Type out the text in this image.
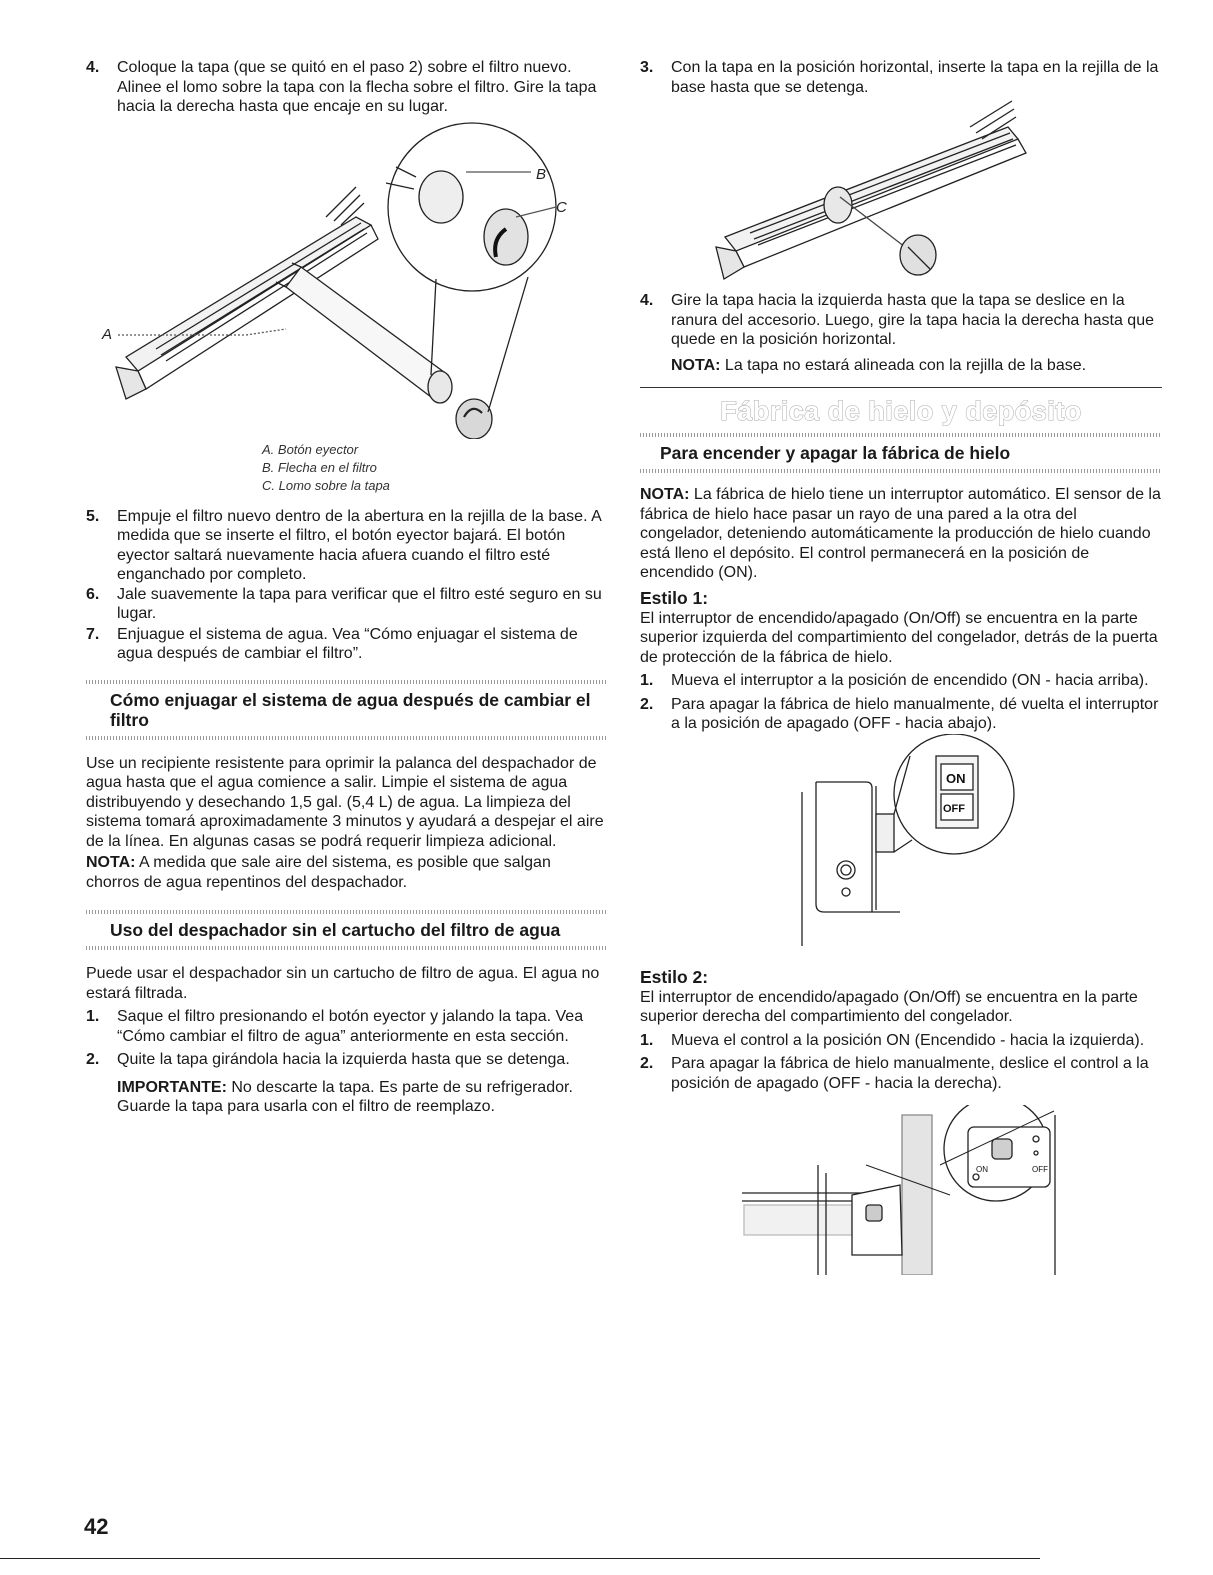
4. Coloque la tapa (que se quitó en el paso 2) sobre el filtro nuevo. Alinee el lomo sobre la tapa con la flecha sobre el filtro. Gire la tapa hacia la derecha hasta que encaje en su lugar.
A
B
C
A. Botón eyector
B. Flecha en el filtro
C. Lomo sobre la tapa
5. Empuje el filtro nuevo dentro de la abertura en la rejilla de la base. A medida que se inserte el filtro, el botón eyector bajará. El botón eyector saltará nuevamente hacia afuera cuando el filtro esté enganchado por completo.
6. Jale suavemente la tapa para verificar que el filtro esté seguro en su lugar.
7. Enjuague el sistema de agua. Vea “Cómo enjuagar el sistema de agua después de cambiar el filtro”.
Cómo enjuagar el sistema de agua después de cambiar el filtro

Use un recipiente resistente para oprimir la palanca del despachador de agua hasta que el agua comience a salir. Limpie el sistema de agua distribuyendo y desechando 1,5 gal. (5,4 L) de agua. La limpieza del sistema tomará aproximadamente 3 minutos y ayudará a despejar el aire de la línea. En algunas casas se podrá requerir limpieza adicional.

NOTA: A medida que sale aire del sistema, es posible que salgan chorros de agua repentinos del despachador.

Uso del despachador sin el cartucho del filtro de agua

Puede usar el despachador sin un cartucho de filtro de agua. El agua no estará filtrada.

1. Saque el filtro presionando el botón eyector y jalando la tapa. Vea “Cómo cambiar el filtro de agua” anteriormente en esta sección.
2. Quite la tapa girándola hacia la izquierda hasta que se detenga.

IMPORTANTE: No descarte la tapa. Es parte de su refrigerador. Guarde la tapa para usarla con el filtro de reemplazo.

3. Con la tapa en la posición horizontal, inserte la tapa en la rejilla de la base hasta que se detenga.
4. Gire la tapa hacia la izquierda hasta que la tapa se deslice en la ranura del accesorio. Luego, gire la tapa hacia la derecha hasta que quede en la posición horizontal.

NOTA: La tapa no estará alineada con la rejilla de la base.

Fábrica de hielo y depósito
Para encender y apagar la fábrica de hielo

NOTA: La fábrica de hielo tiene un interruptor automático. El sensor de la fábrica de hielo hace pasar un rayo de una pared a la otra del congelador, deteniendo automáticamente la producción de hielo cuando está lleno el depósito. El control permanecerá en la posición de encendido (ON).

Estilo 1:

El interruptor de encendido/apagado (On/Off) se encuentra en la parte superior izquierda del compartimiento del congelador, detrás de la puerta de protección de la fábrica de hielo.

1. Mueva el interruptor a la posición de encendido (ON - hacia arriba).
2. Para apagar la fábrica de hielo manualmente, dé vuelta el interruptor a la posición de apagado (OFF - hacia abajo).
ON
OFF
Estilo 2:

El interruptor de encendido/apagado (On/Off) se encuentra en la parte superior derecha del compartimiento del congelador.

1. Mueva el control a la posición ON (Encendido - hacia la izquierda).
2. Para apagar la fábrica de hielo manualmente, deslice el control a la posición de apagado (OFF - hacia la derecha).
ON	OFF
42
